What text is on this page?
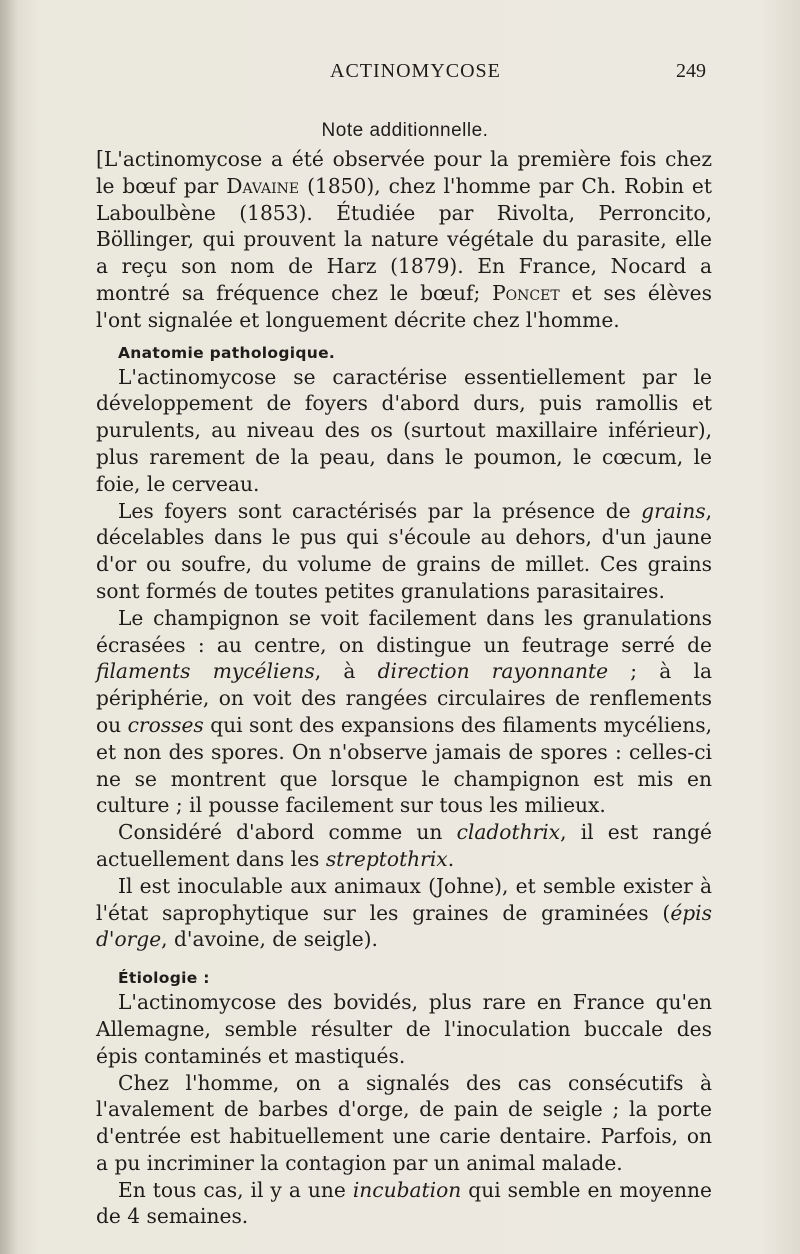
ACTINOMYCOSE	249
Note additionnelle.

[L'actinomycose a été observée pour la première fois chez le bœuf par Davaine (1850), chez l'homme par Ch. Robin et Laboulbène (1853). Étudiée par Rivolta, Perroncito, Böllinger, qui prouvent la nature végétale du parasite, elle a reçu son nom de Harz (1879). En France, Nocard a montré sa fréquence chez le bœuf; Poncet et ses élèves l'ont signalée et longuement décrite chez l'homme.

Anatomie pathologique.

L'actinomycose se caractérise essentiellement par le développement de foyers d'abord durs, puis ramollis et purulents, au niveau des os (surtout maxillaire inférieur), plus rarement de la peau, dans le poumon, le cœcum, le foie, le cerveau.

Les foyers sont caractérisés par la présence de grains, décelables dans le pus qui s'écoule au dehors, d'un jaune d'or ou soufre, du volume de grains de millet. Ces grains sont formés de toutes petites granulations parasitaires.

Le champignon se voit facilement dans les granulations écrasées : au centre, on distingue un feutrage serré de filaments mycéliens, à direction rayonnante ; à la périphérie, on voit des rangées circulaires de renflements ou crosses qui sont des expansions des filaments mycéliens, et non des spores. On n'observe jamais de spores : celles-ci ne se montrent que lorsque le champignon est mis en culture ; il pousse facilement sur tous les milieux.

Considéré d'abord comme un cladothrix, il est rangé actuellement dans les streptothrix.

Il est inoculable aux animaux (Johne), et semble exister à l'état saprophytique sur les graines de graminées (épis d'orge, d'avoine, de seigle).

Étiologie :

L'actinomycose des bovidés, plus rare en France qu'en Allemagne, semble résulter de l'inoculation buccale des épis contaminés et mastiqués.

Chez l'homme, on a signalés des cas consécutifs à l'avalement de barbes d'orge, de pain de seigle ; la porte d'entrée est habituellement une carie dentaire. Parfois, on a pu incriminer la contagion par un animal malade.

En tous cas, il y a une incubation qui semble en moyenne de 4 semaines.
